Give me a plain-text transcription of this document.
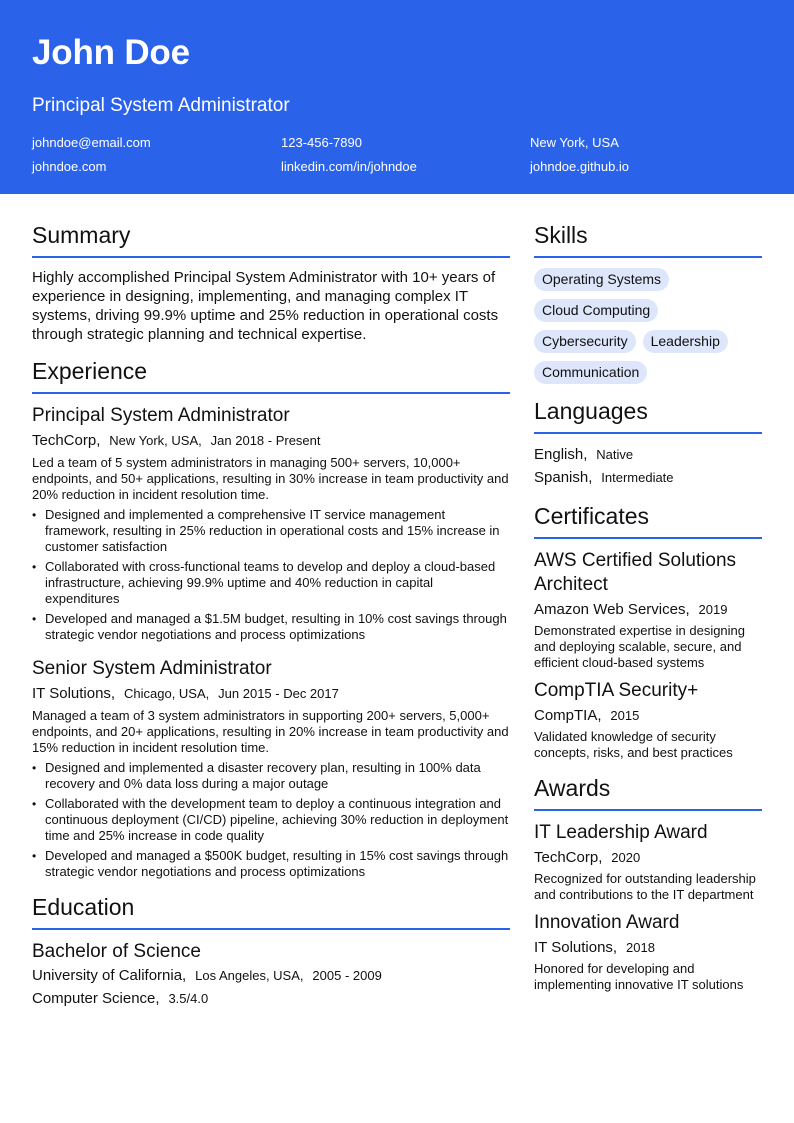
John Doe
Principal System Administrator
johndoe@email.com	123-456-7890	New York, USA
johndoe.com	linkedin.com/in/johndoe	johndoe.github.io
Summary
Highly accomplished Principal System Administrator with 10+ years of experience in designing, implementing, and managing complex IT systems, driving 99.9% uptime and 25% reduction in operational costs through strategic planning and technical expertise.
Experience
Principal System Administrator
TechCorp, New York, USA, Jan 2018 - Present
Led a team of 5 system administrators in managing 500+ servers, 10,000+ endpoints, and 50+ applications, resulting in 30% increase in team productivity and 20% reduction in incident resolution time.
• Designed and implemented a comprehensive IT service management framework, resulting in 25% reduction in operational costs and 15% increase in customer satisfaction
• Collaborated with cross-functional teams to develop and deploy a cloud-based infrastructure, achieving 99.9% uptime and 40% reduction in capital expenditures
• Developed and managed a $1.5M budget, resulting in 10% cost savings through strategic vendor negotiations and process optimizations
Senior System Administrator
IT Solutions, Chicago, USA, Jun 2015 - Dec 2017
Managed a team of 3 system administrators in supporting 200+ servers, 5,000+ endpoints, and 20+ applications, resulting in 20% increase in team productivity and 15% reduction in incident resolution time.
• Designed and implemented a disaster recovery plan, resulting in 100% data recovery and 0% data loss during a major outage
• Collaborated with the development team to deploy a continuous integration and continuous deployment (CI/CD) pipeline, achieving 30% reduction in deployment time and 25% increase in code quality
• Developed and managed a $500K budget, resulting in 15% cost savings through strategic vendor negotiations and process optimizations
Education
Bachelor of Science
University of California, Los Angeles, USA, 2005 - 2009
Computer Science, 3.5/4.0
Skills
Operating Systems
Cloud Computing
Cybersecurity	Leadership
Communication
Languages
English, Native
Spanish, Intermediate
Certificates
AWS Certified Solutions Architect
Amazon Web Services, 2019
Demonstrated expertise in designing and deploying scalable, secure, and efficient cloud-based systems
CompTIA Security+
CompTIA, 2015
Validated knowledge of security concepts, risks, and best practices
Awards
IT Leadership Award
TechCorp, 2020
Recognized for outstanding leadership and contributions to the IT department
Innovation Award
IT Solutions, 2018
Honored for developing and implementing innovative IT solutions
